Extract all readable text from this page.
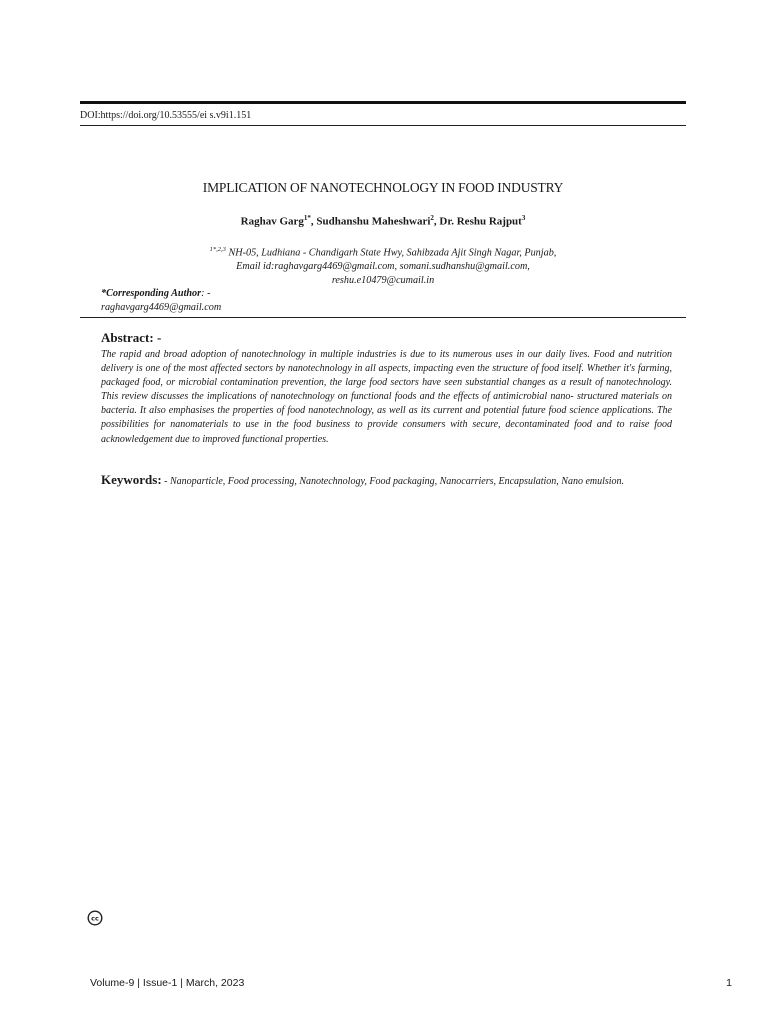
DOI:https://doi.org/10.53555/ei s.v9i1.151
IMPLICATION OF NANOTECHNOLOGY IN FOOD INDUSTRY
Raghav Garg$^{1*}$, Sudhanshu Maheshwari$^2$, Dr. Reshu Rajput$^3$
$^{1*,2,3}$ NH-05, Ludhiana - Chandigarh State Hwy, Sahibzada Ajit Singh Nagar, Punjab,
Email id:raghavgarg4469@gmail.com, somani.sudhanshu@gmail.com,
reshu.e10479@cumail.in
*Corresponding Author: -
raghavgarg4469@gmail.com
Abstract: -
The rapid and broad adoption of nanotechnology in multiple industries is due to its numerous uses in our daily lives. Food and nutrition delivery is one of the most affected sectors by nanotechnology in all aspects, impacting even the structure of food itself. Whether it's farming, packaged food, or microbial contamination prevention, the large food sectors have seen substantial changes as a result of nanotechnology. This review discusses the implications of nanotechnology on functional foods and the effects of antimicrobial nano- structured materials on bacteria. It also emphasises the properties of food nanotechnology, as well as its current and potential future food science applications. The possibilities for nanomaterials to use in the food business to provide consumers with secure, decontaminated food and to raise food acknowledgement due to improved functional properties.
Keywords: - Nanoparticle, Food processing, Nanotechnology, Food packaging, Nanocarriers, Encapsulation, Nano emulsion.
cc
Volume-9 | Issue-1 | March, 2023	1
